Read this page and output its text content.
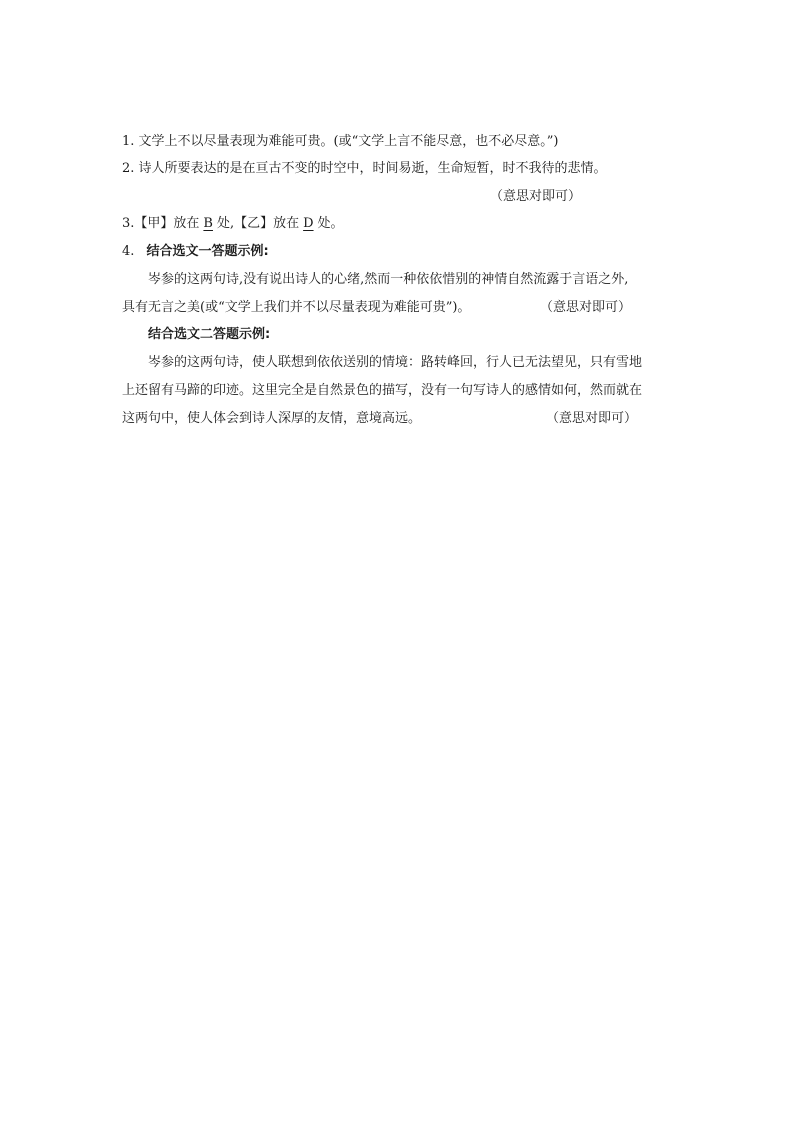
1. 文学上不以尽量表现为难能可贵。(或“文学上言不能尽意，也不必尽意。”)
2. 诗人所要表达的是在亘古不变的时空中，时间易逝，生命短暂，时不我待的悲情。
（意思对即可）
3.【甲】放在 B 处,【乙】放在 D 处。
4. 结合选文一答题示例:
岑参的这两句诗,没有说出诗人的心绪,然而一种依依惜别的神情自然流露于言语之外,
具有无言之美(或“文学上我们并不以尽量表现为难能可贵”)。	（意思对即可）
结合选文二答题示例:
岑参的这两句诗，使人联想到依依送别的情境：路转峰回，行人已无法望见，只有雪地
上还留有马蹄的印迹。这里完全是自然景色的描写，没有一句写诗人的感情如何，然而就在
这两句中，使人体会到诗人深厚的友情，意境高远。	（意思对即可）
